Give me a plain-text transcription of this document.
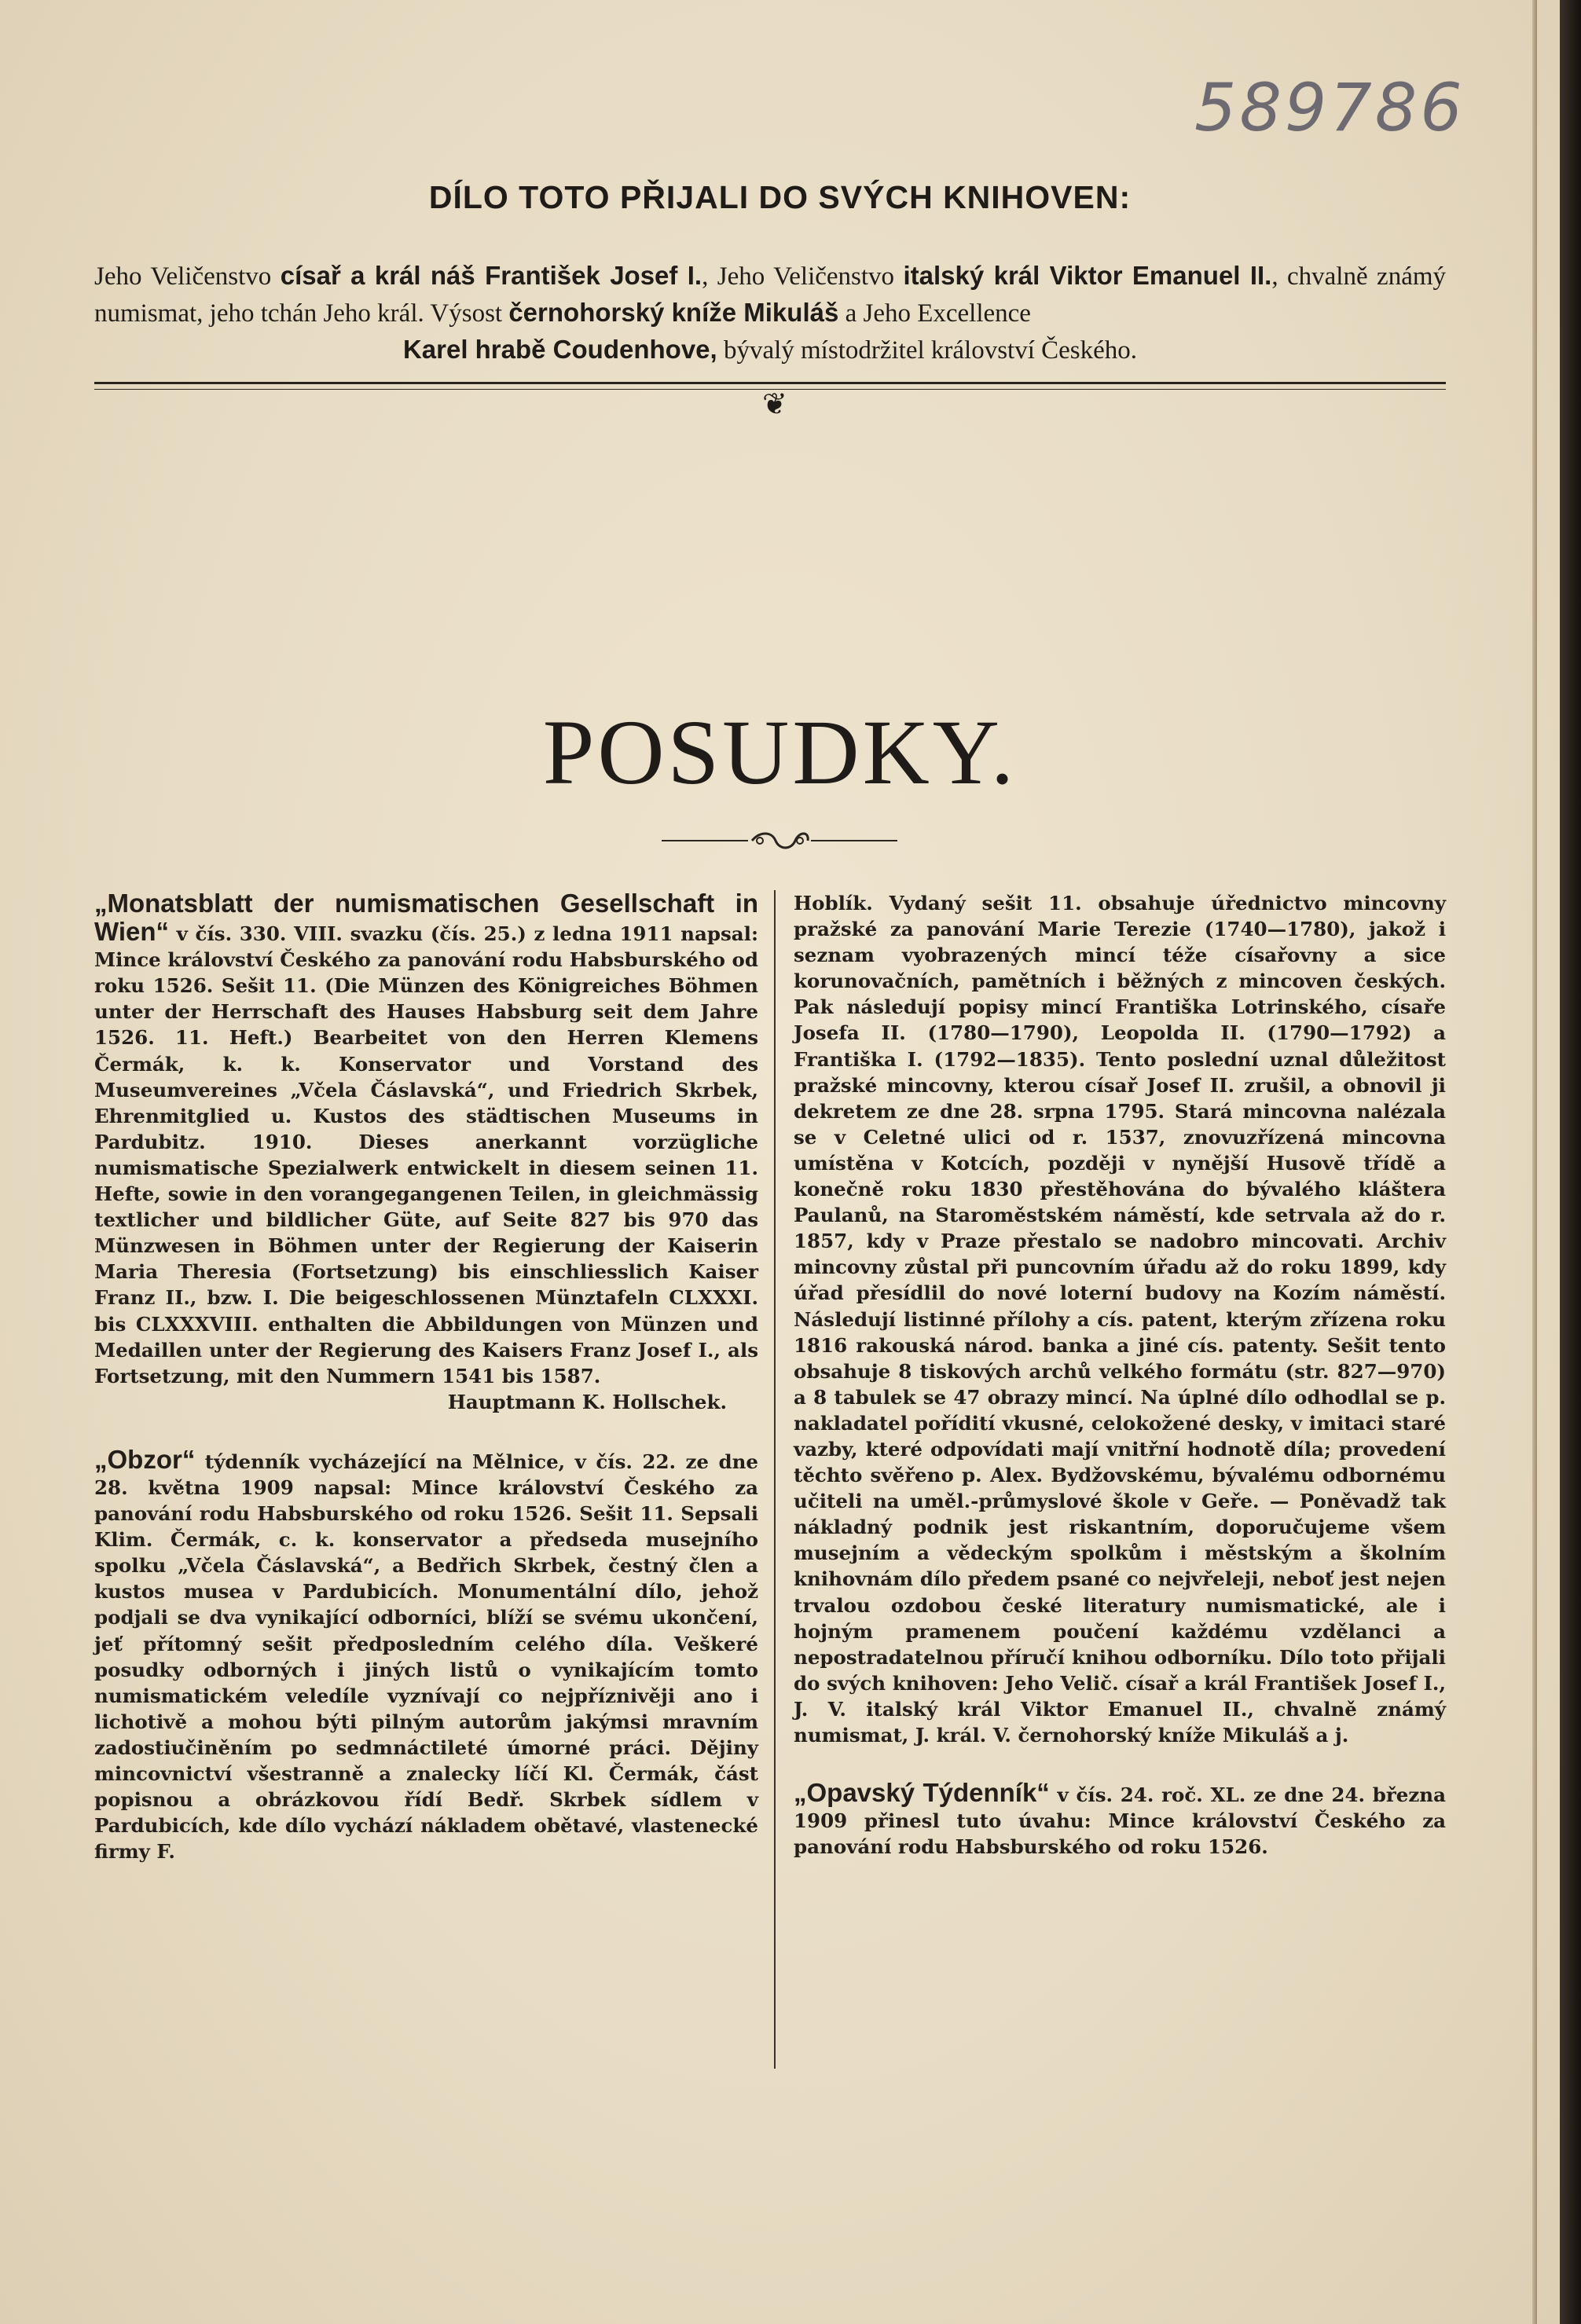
589786
DÍLO TOTO PŘIJALI DO SVÝCH KNIHOVEN:
Jeho Veličenstvo císař a král náš František Josef I., Jeho Veličenstvo italský král Viktor Emanuel II., chvalně známý numismat, jeho tchán Jeho král. Výsost černohorský kníže Mikuláš a Jeho Excellence
Karel hrabě Coudenhove, bývalý místodržitel království Českého.
❦
POSUDKY.

„Monatsblatt der numismatischen Gesellschaft in Wien“ v čís. 330. VIII. svazku (čís. 25.) z ledna 1911 napsal: Mince království Českého za panování rodu Habsburského od roku 1526. Sešit 11. (Die Münzen des Königreiches Böhmen unter der Herrschaft des Hauses Habsburg seit dem Jahre 1526. 11. Heft.) Bearbeitet von den Herren Klemens Čermák, k. k. Konservator und Vorstand des Museumvereines „Včela Čáslavská“, und Friedrich Skrbek, Ehrenmitglied u. Kustos des städtischen Museums in Pardubitz. 1910. Dieses anerkannt vorzügliche numismatische Spezialwerk entwickelt in diesem seinen 11. Hefte, sowie in den vorangegangenen Teilen, in gleichmässig textlicher und bildlicher Güte, auf Seite 827 bis 970 das Münzwesen in Böhmen unter der Regierung der Kaiserin Maria Theresia (Fortsetzung) bis einschliesslich Kaiser Franz II., bzw. I. Die beigeschlossenen Münztafeln CLXXXI. bis CLXXXVIII. enthalten die Abbildungen von Münzen und Medaillen unter der Regierung des Kaisers Franz Josef I., als Fortsetzung, mit den Nummern 1541 bis 1587.

Hauptmann K. Hollschek.

„Obzor“ týdenník vycházející na Mělnice, v čís. 22. ze dne 28. května 1909 napsal: Mince království Českého za panování rodu Habsburského od roku 1526. Sešit 11. Sepsali Klim. Čermák, c. k. konservator a předseda musejního spolku „Včela Čáslavská“, a Bedřich Skrbek, čestný člen a kustos musea v Pardubicích. Monumentální dílo, jehož podjali se dva vynikající odborníci, blíží se svému ukončení, jeť přítomný sešit předposledním celého díla. Veškeré posudky odborných i jiných listů o vynikajícím tomto numismatickém veledíle vyznívají co nejpříznivěji ano i lichotivě a mohou býti pilným autorům jakýmsi mravním zadostiučiněním po sedmnáctileté úmorné práci. Dějiny mincovnictví všestranně a znalecky líčí Kl. Čermák, část popisnou a obrázkovou řídí Bedř. Skrbek sídlem v Pardubicích, kde dílo vychází nákladem obětavé, vlastenecké firmy F.

Hoblík. Vydaný sešit 11. obsahuje úřednictvo mincovny pražské za panování Marie Terezie (1740—1780), jakož i seznam vyobrazených mincí téže císařovny a sice korunovačních, pamětních i běžných z mincoven českých. Pak následují popisy mincí Františka Lotrinského, císaře Josefa II. (1780—1790), Leopolda II. (1790—1792) a Františka I. (1792—1835). Tento poslední uznal důležitost pražské mincovny, kterou císař Josef II. zrušil, a obnovil ji dekretem ze dne 28. srpna 1795. Stará mincovna nalézala se v Celetné ulici od r. 1537, znovuzřízená mincovna umístěna v Kotcích, později v nynější Husově třídě a konečně roku 1830 přestěhována do bývalého kláštera Paulanů, na Staroměstském náměstí, kde setrvala až do r. 1857, kdy v Praze přestalo se nadobro mincovati. Archiv mincovny zůstal při puncovním úřadu až do roku 1899, kdy úřad přesídlil do nové loterní budovy na Kozím náměstí. Následují listinné přílohy a cís. patent, kterým zřízena roku 1816 rakouská národ. banka a jiné cís. patenty. Sešit tento obsahuje 8 tiskových archů velkého formátu (str. 827—970) a 8 tabulek se 47 obrazy mincí. Na úplné dílo odhodlal se p. nakladatel pořídití vkusné, celokožené desky, v imitaci staré vazby, které odpovídati mají vnitřní hodnotě díla; provedení těchto svěřeno p. Alex. Bydžovskému, bývalému odbornému učiteli na uměl.-průmyslové škole v Geře. — Poněvadž tak nákladný podnik jest riskantním, doporučujeme všem musejním a vědeckým spolkům i městským a školním knihovnám dílo předem psané co nejvřeleji, neboť jest nejen trvalou ozdobou české literatury numismatické, ale i hojným pramenem poučení každému vzdělanci a nepostradatelnou příručí knihou odborníku. Dílo toto přijali do svých knihoven: Jeho Velič. císař a král František Josef I., J. V. italský král Viktor Emanuel II., chvalně známý numismat, J. král. V. černohorský kníže Mikuláš a j.

„Opavský Týdenník“ v čís. 24. roč. XL. ze dne 24. března 1909 přinesl tuto úvahu: Mince království Českého za panování rodu Habsburského od roku 1526.
